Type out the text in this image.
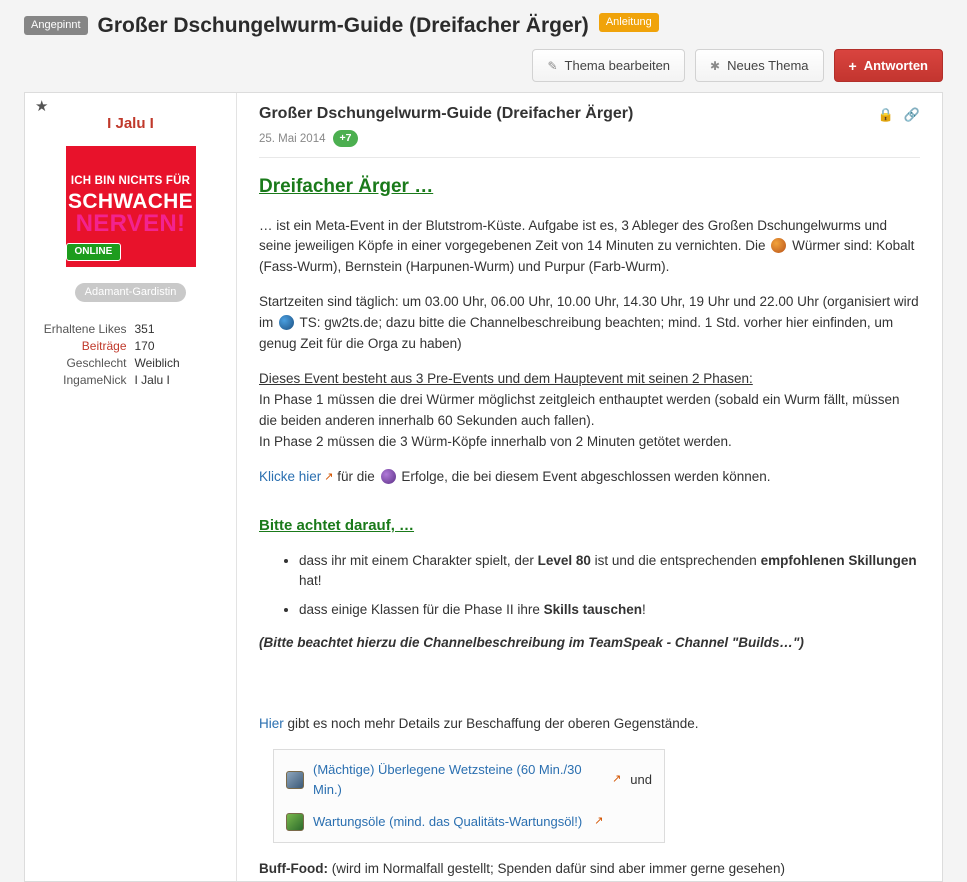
Angepinnt Großer Dschungelwurm-Guide (Dreifacher Ärger)	Anleitung
✎ Thema bearbeiten	✱ Neues Thema	+ Antworten
★
I Jalu I
ICH BIN NICHTS FÜR
SCHWACHE
NERVEN!
ONLINE
Adamant-Gardistin
Erhaltene Likes 351
Beiträge 170
Geschlecht Weiblich
IngameNick I Jalu I
Großer Dschungelwurm-Guide (Dreifacher Ärger)	🔒 🔗
25. Mai 2014	+7
Dreifacher Ärger …

… ist ein Meta-Event in der Blutstrom-Küste. Aufgabe ist es, 3 Ableger des Großen Dschungelwurms und seine jeweiligen Köpfe in einer vorgegebenen Zeit von 14 Minuten zu vernichten. Die Würmer sind: Kobalt (Fass-Wurm), Bernstein (Harpunen-Wurm) und Purpur (Farb-Wurm).

Startzeiten sind täglich: um 03.00 Uhr, 06.00 Uhr, 10.00 Uhr, 14.30 Uhr, 19 Uhr und 22.00 Uhr (organisiert wird im TS: gw2ts.de; dazu bitte die Channelbeschreibung beachten; mind. 1 Std. vorher hier einfinden, um genug Zeit für die Orga zu haben)

Dieses Event besteht aus 3 Pre-Events und dem Hauptevent mit seinen 2 Phasen:
In Phase 1 müssen die drei Würmer möglichst zeitgleich enthauptet werden (sobald ein Wurm fällt, müssen die beiden anderen innerhalb 60 Sekunden auch fallen).
In Phase 2 müssen die 3 Würm-Köpfe innerhalb von 2 Minuten getötet werden.

Klicke hier ↗ für die Erfolge, die bei diesem Event abgeschlossen werden können.

Bitte achtet darauf, …
• dass ihr mit einem Charakter spielt, der Level 80 ist und die entsprechenden empfohlenen Skillungen hat!
• dass einige Klassen für die Phase II ihre Skills tauschen!

(Bitte beachtet hierzu die Channelbeschreibung im TeamSpeak - Channel "Builds…")

Hier gibt es noch mehr Details zur Beschaffung der oberen Gegenstände.

(Mächtige) Überlegene Wetzsteine (60 Min./30 Min.)
↗ und
Wartungsöle (mind. das Qualitäts-Wartungsöl!) ↗
Buff-Food: (wird im Normalfall gestellt; Spenden dafür sind aber immer gerne gesehen)
